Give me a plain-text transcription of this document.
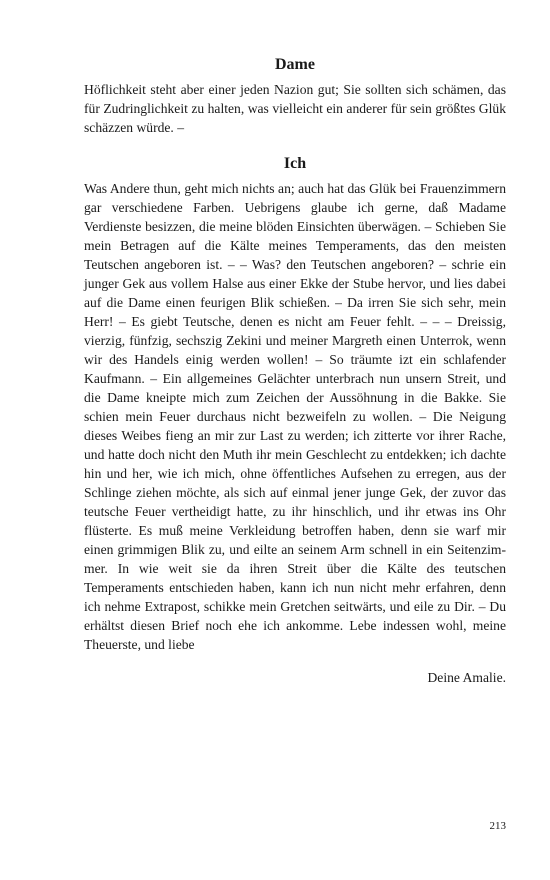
Dame

Höflichkeit steht aber einer jeden Nazion gut; Sie sollten sich schämen, das für Zudringlichkeit zu halten, was vielleicht ein anderer für sein größtes Glük schäzzen würde. –

Ich

Was Andere thun, geht mich nichts an; auch hat das Glük bei Frauenzimmern gar verschiedene Farben. Uebrigens glaube ich gerne, daß Madame Verdienste besizzen, die meine blöden Einsichten überwägen. – Schieben Sie mein Betragen auf die Kälte meines Temperaments, das den meisten Teutschen angeboren ist. – – Was? den Teutschen angeboren? – schrie ein junger Gek aus vollem Halse aus einer Ekke der Stube hervor, und lies dabei auf die Dame einen feurigen Blik schießen. – Da irren Sie sich sehr, mein Herr! – Es giebt Teutsche, denen es nicht am Feuer fehlt. – – – Dreissig, vierzig, fünfzig, sechszig Zekini und meiner Margreth einen Unterrok, wenn wir des Handels einig werden wollen! – So träumte izt ein schlafender Kaufmann. – Ein allgemeines Gelächter unterbrach nun unsern Streit, und die Dame kneipte mich zum Zeichen der Aussöhnung in die Bakke. Sie schien mein Feuer durchaus nicht bezweifeln zu wollen. – Die Neigung dieses Weibes fieng an mir zur Last zu werden; ich zitterte vor ihrer Rache, und hatte doch nicht den Muth ihr mein Geschlecht zu entdekken; ich dachte hin und her, wie ich mich, ohne öffentliches Aufsehen zu erregen, aus der Schlinge ziehen möchte, als sich auf einmal jener junge Gek, der zuvor das teutsche Feuer vertheidigt hatte, zu ihr hinschlich, und ihr etwas ins Ohr flüsterte. Es muß meine Verkleidung betroffen haben, denn sie warf mir einen grimmigen Blik zu, und eilte an seinem Arm schnell in ein Seitenzimmer. In wie weit sie da ihren Streit über die Kälte des teutschen Temperaments entschieden haben, kann ich nun nicht mehr erfahren, denn ich nehme Extrapost, schikke mein Gretchen seitwärts, und eile zu Dir. – Du erhältst diesen Brief noch ehe ich ankomme. Lebe indessen wohl, meine Theuerste, und liebe

Deine Amalie.

213
